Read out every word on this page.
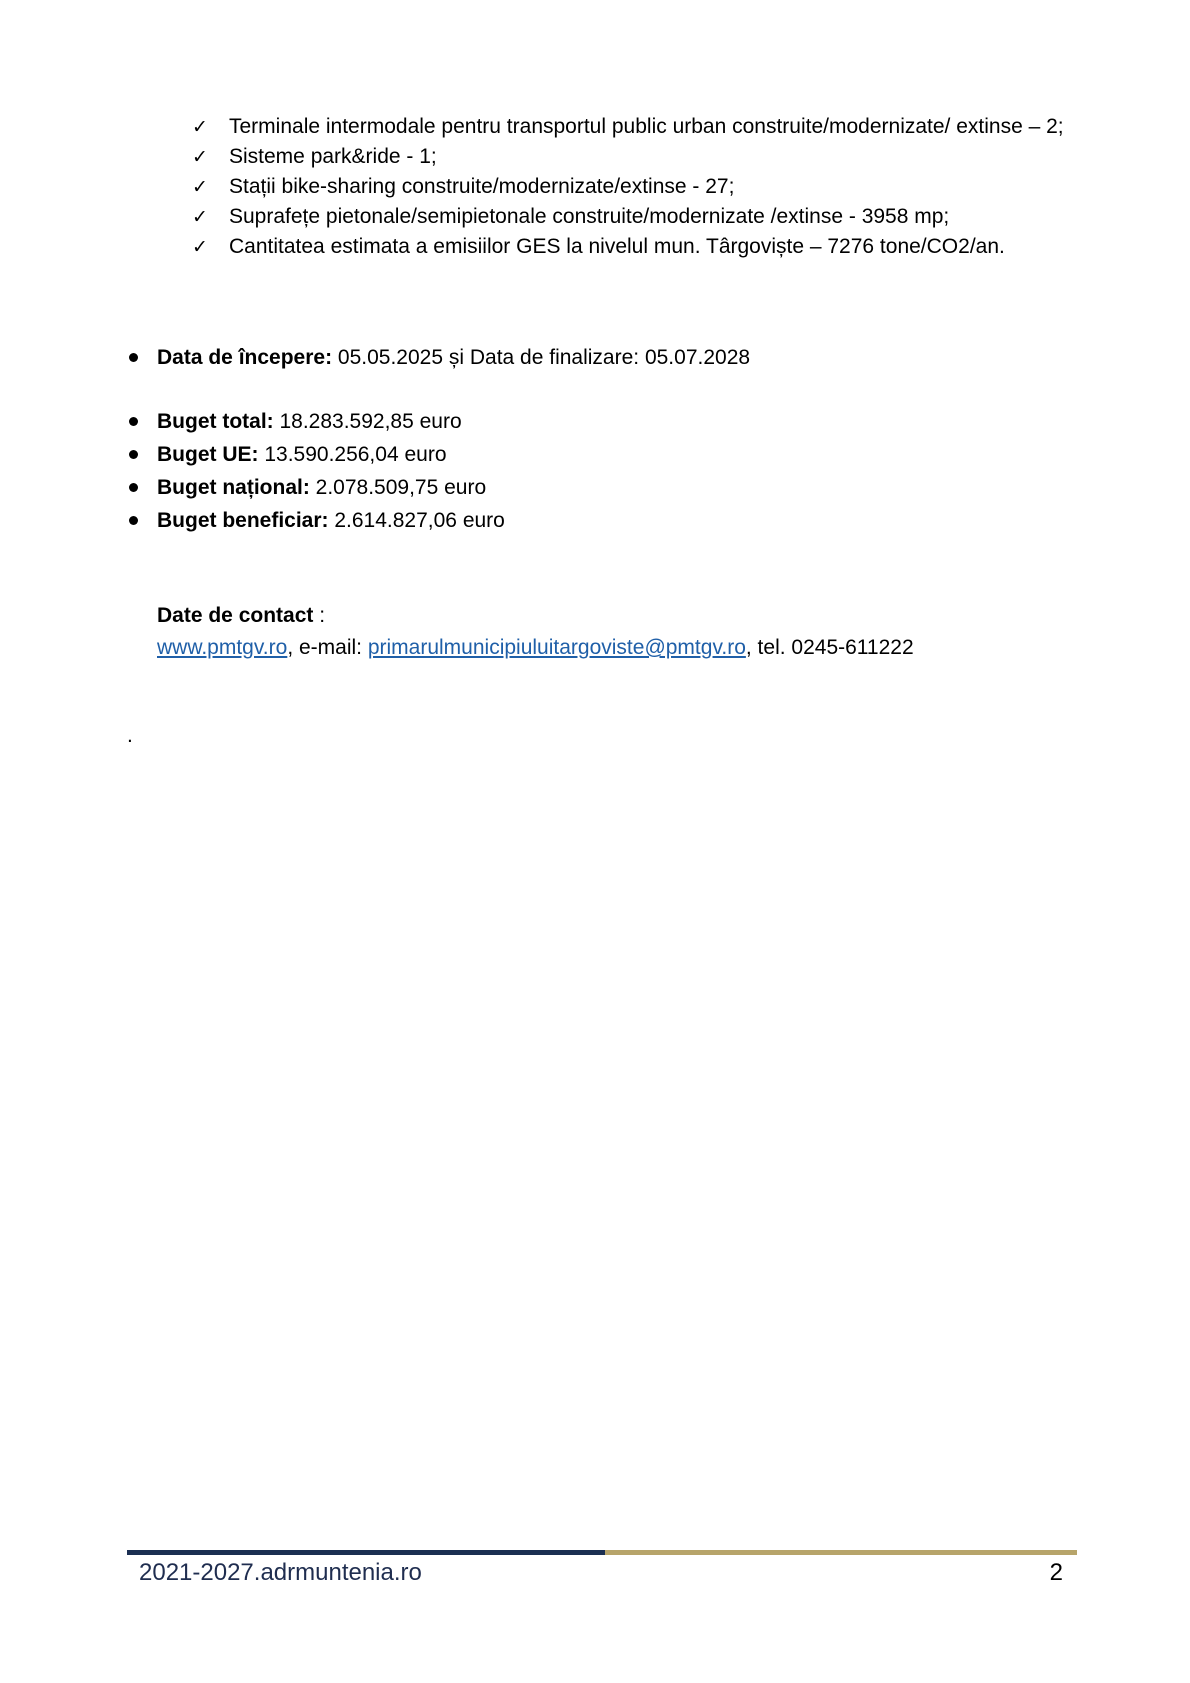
✓ Terminale intermodale pentru transportul public urban construite/modernizate/ extinse – 2;
✓ Sisteme park&ride ‐ 1;
✓ Stații bike-sharing construite/modernizate/extinse ‐ 27;
✓ Suprafețe pietonale/semipietonale construite/modernizate /extinse ‐ 3958 mp;
✓ Cantitatea estimata a emisiilor GES la nivelul mun. Târgoviște – 7276 tone/CO2/an.
Data de începere: 05.05.2025 și Data de finalizare: 05.07.2028
Buget total: 18.283.592,85 euro
Buget UE: 13.590.256,04 euro
Buget național: 2.078.509,75 euro
Buget beneficiar: 2.614.827,06 euro
Date de contact :
www.pmtgv.ro, e-mail: primarulmunicipiuluitargoviste@pmtgv.ro, tel. 0245-611222
.
2021-2027.adrmuntenia.ro	2
